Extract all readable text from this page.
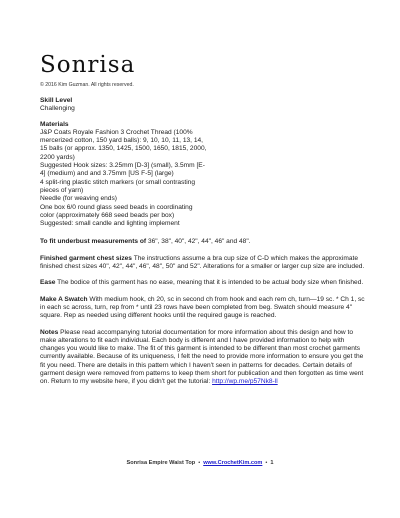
Sonrisa
© 2016 Kim Guzman. All rights reserved.
Skill Level
Challenging
Materials
J&P Coats Royale Fashion 3 Crochet Thread (100%
mercerized cotton, 150 yard balls): 9, 10, 10, 11, 13, 14,
15 balls (or approx. 1350, 1425, 1500, 1650, 1815, 2000,
2200 yards)
Suggested Hook sizes: 3.25mm [D-3] (small), 3.5mm [E-
4] (medium) and and 3.75mm [US F-5] (large)
4 split-ring plastic stitch markers (or small contrasting
pieces of yarn)
Needle (for weaving ends)
One box 6/0 round glass seed beads in coordinating
color (approximately 668 seed beads per box)
Suggested: small candle and lighting implement
To fit underbust measurements of 36", 38", 40", 42", 44", 46" and 48".
Finished garment chest sizes The instructions assume a bra cup size of C-D which makes the approximate finished chest sizes 40", 42", 44", 46", 48", 50" and 52". Alterations for a smaller or larger cup size are included.
Ease The bodice of this garment has no ease, meaning that it is intended to be actual body size when finished.
Make A Swatch With medium hook, ch 20, sc in second ch from hook and each rem ch, turn—19 sc. * Ch 1, sc in each sc across, turn, rep from * until 23 rows have been completed from beg. Swatch should measure 4" square. Rep as needed using different hooks until the required gauge is reached.
Notes Please read accompanying tutorial documentation for more information about this design and how to make alterations to fit each individual. Each body is different and I have provided information to help with changes you would like to make. The fit of this garment is intended to be different than most crochet garments currently available. Because of its uniqueness, I felt the need to provide more information to ensure you get the fit you need. There are details in this pattern which I haven't seen in patterns for decades. Certain details of garment design were removed from patterns to keep them short for publication and then forgotten as time went on. Return to my website here, if you didn't get the tutorial: http://wp.me/p57Nk8-ll
Sonrisa Empire Waist Top • www.CrochetKim.com • 1
